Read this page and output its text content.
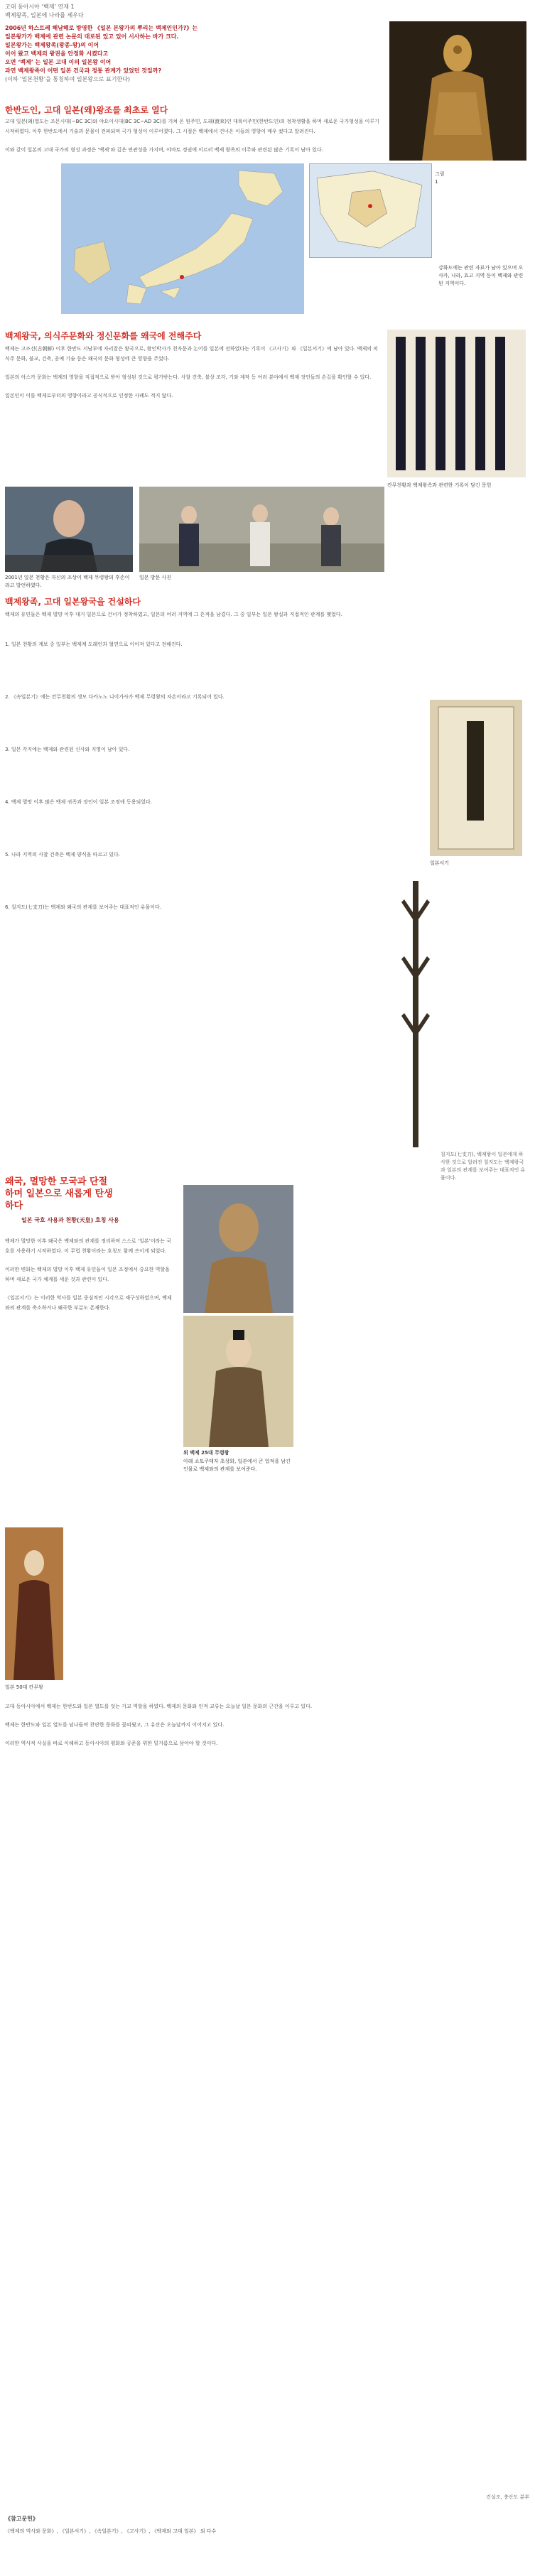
고대 동아시아 ‘백제’ 연재 1
백제왕족, 일본에 나라를 세우다
2006년 하스트레 해남해로 방영한 《일본 본왕가의 뿌리는 백제인인가?》는
일본왕가가 백제에 관련 논문의 대로된 있고 있어 시사하는 바가 크다.
일본왕가는 백제왕족(왕종-왕)의 이어
이어 왔고 백제의 왕권을 안정화 시켰다고
오면 ‘백제’ 는 일본 고대 이의 일본왕 이어
과연 백제왕족이 어떤 일본 건국과 정통 관계가 있었던 것일까?
(이하 ‘일본천황’을 통칭하여 일본왕으로 표기한다)
한반도인, 고대 일본(왜)왕조를 최초로 열다

고대 일본(왜)열도는 조몬시대(~BC 3C)와 야요이시대(BC 3C~AD 3C)를 거쳐 온 원주민, 도래(渡來)인 대륙이주민(한반도인)의 정착생활을 하며 새로운 국가형성을 이루기 시작하였다. 이후 한반도에서 기술과 문물이 전파되며 국가 형성이 이루어졌다. 그 시절은 백제에서 건너온 이들의 영향이 매우 컸다고 알려진다.

이와 같이 일본의 고대 국가의 형성 과정은 ‘백제’와 깊은 연관성을 가지며, 야마토 정권에 이르러 백제 왕족의 이주와 관련된 많은 기록이 남아 있다.

그림 1
강화도에는 관련 자료가 남아 있으며 오사카, 나라, 효고 지역 등이 백제와 관련된 지역이다.
백제왕국, 의식주문화와 정신문화를 왜국에 전해주다

백제는 고조선(古朝鮮) 이후 한반도 서남부에 자리잡은 왕국으로, 왕인박사가 천자문과 논어를 일본에 전하였다는 기록이 《고사기》와 《일본서기》에 남아 있다. 백제의 의식주 문화, 불교, 건축, 공예 기술 등은 왜국의 문화 형성에 큰 영향을 주었다.

일본의 아스카 문화는 백제의 영향을 직접적으로 받아 형성된 것으로 평가받는다. 사찰 건축, 불상 조각, 기와 제작 등 여러 분야에서 백제 장인들의 손길을 확인할 수 있다.

일본인이 이를 백제로부터의 영향이라고 공식적으로 인정한 사례도 적지 않다.

칸무천황과 백제왕족과 관련한 기록이 담긴 문헌
2001년 일본 천황은 자신의 조상이 백제 무령왕의 후손이라고 발언하였다.
일본 방문 사진
백제왕족, 고대 일본왕국을 건설하다
백제의 유민들은 백제 멸망 이후 대거 일본으로 건너가 정착하였고, 일본의 여러 지역에 그 흔적을 남겼다. 그 중 일부는 일본 왕실과 직접적인 관계를 맺었다.

1. 일본 천황의 계보 중 일부는 백제계 도래인과 혈연으로 이어져 있다고 전해진다.

2. 《속일본기》에는 칸무천황의 생모 다카노노 니이가사가 백제 무령왕의 자손이라고 기록되어 있다.

3. 일본 각지에는 백제와 관련된 신사와 지명이 남아 있다.

4. 백제 멸망 이후 많은 백제 귀족과 장인이 일본 조정에 등용되었다.

5. 나라 지역의 사찰 건축은 백제 양식을 따르고 있다.

6. 칠지도(七支刀)는 백제와 왜국의 관계를 보여주는 대표적인 유물이다.

일본서기
칠지도(七支刀), 백제왕이 일본에게 하사한 것으로 알려진 칠지도는 백제왕국과 일본의 관계를 보여주는 대표적인 유물이다.
왜국, 멸망한 모국과 단절
하며 일본으로 새롭게 탄생
하다
일본 국호 사용과 천황(天皇) 호칭 사용

백제가 멸망한 이후 왜국은 백제와의 관계를 정리하며 스스로 ‘일본’이라는 국호를 사용하기 시작하였다. 이 무렵 천황이라는 호칭도 함께 쓰이게 되었다.

이러한 변화는 백제의 멸망 이후 백제 유민들이 일본 조정에서 중요한 역할을 하며 새로운 국가 체계를 세운 것과 관련이 있다.

《일본서기》는 이러한 역사를 일본 중심적인 시각으로 재구성하였으며, 백제와의 관계를 축소하거나 왜곡한 부분도 존재한다.

위 백제 25대 무령왕
아래 쇼토쿠태자 초상화, 일본에서 큰 업적을 남긴 인물로 백제와의 관계를 보여준다.
일본 50대 칸무왕

고대 동아시아에서 백제는 한반도와 일본 열도를 잇는 가교 역할을 하였다. 백제의 문화와 인적 교류는 오늘날 일본 문화의 근간을 이루고 있다.

백제는 한반도와 일본 열도를 넘나들며 찬란한 문화를 꽃피웠고, 그 유산은 오늘날까지 이어지고 있다.

이러한 역사적 사실을 바로 이해하고 동아시아의 평화와 공존을 위한 밑거름으로 삼아야 할 것이다.

건설조, 충산도 분부
《참고문헌》
《백제의 역사와 문화》, 《일본서기》, 《속일본기》, 《고사기》, 《백제와 고대 일본》 외 다수
